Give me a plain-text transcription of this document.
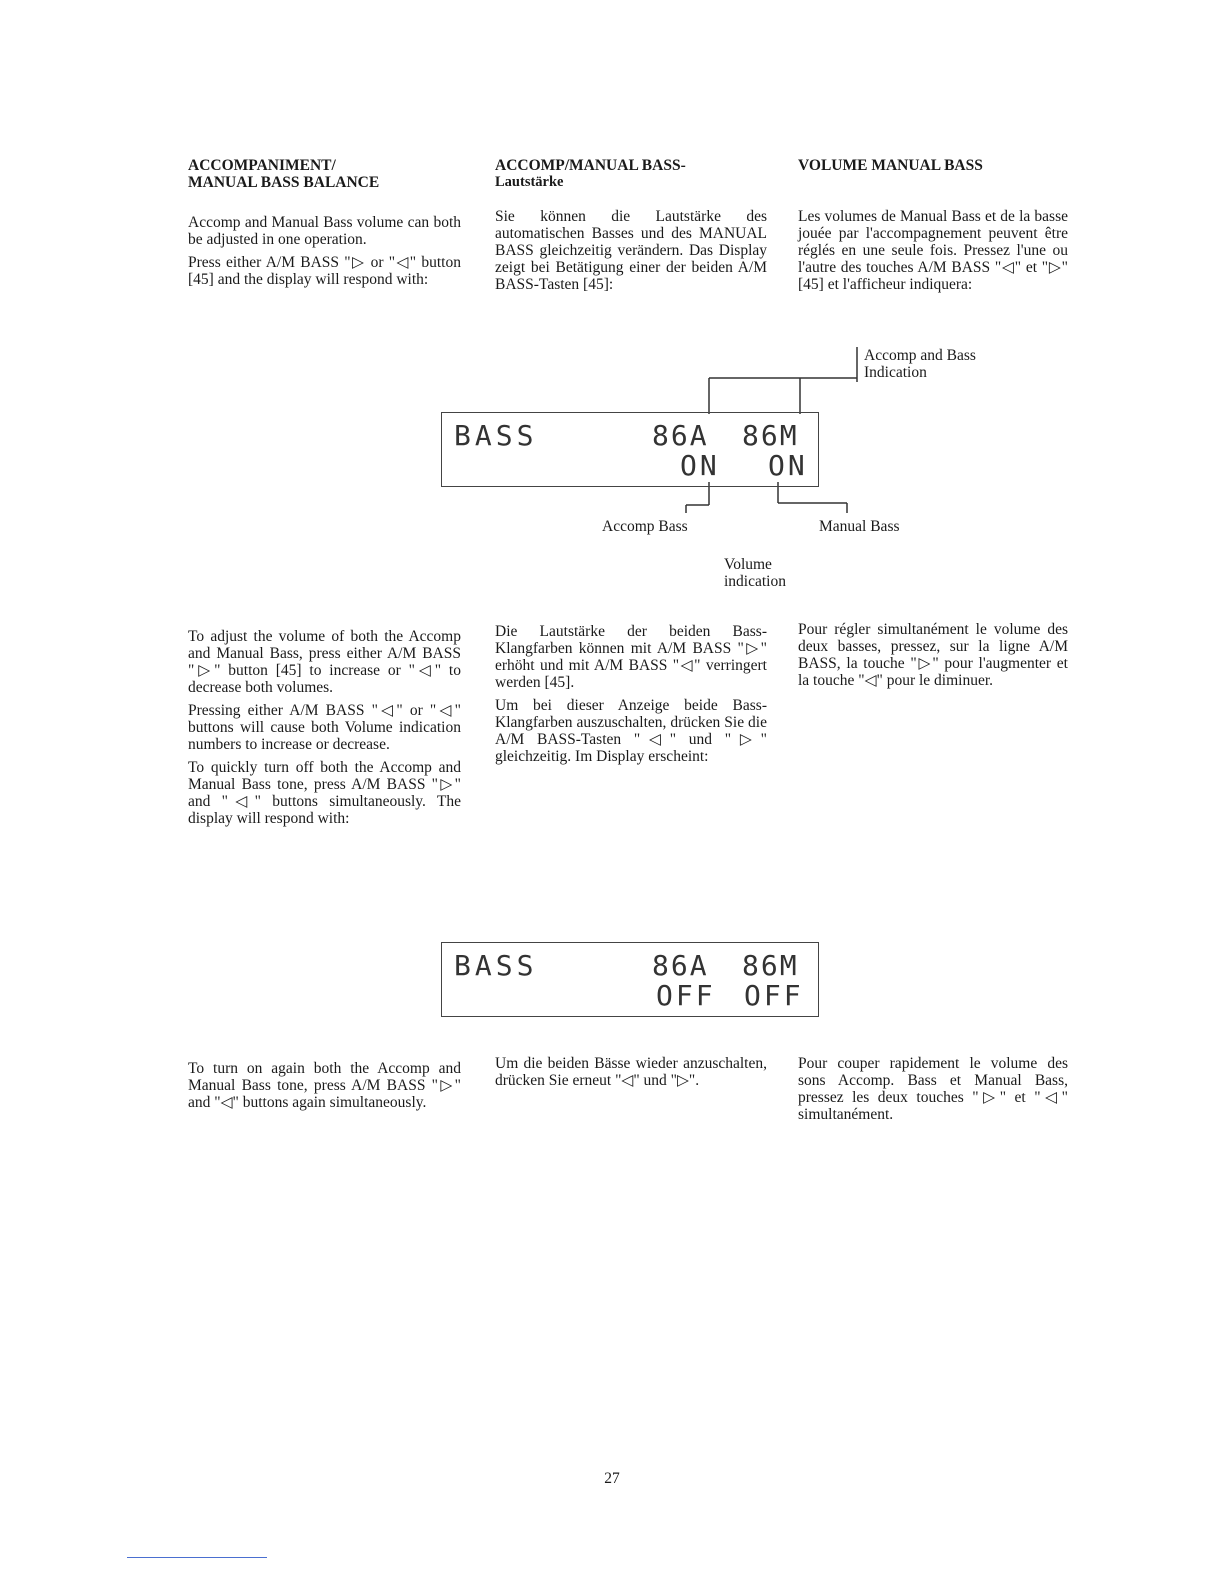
ACCOMPANIMENT/
MANUAL BASS BALANCE
ACCOMP/MANUAL BASS-
Lautstärke
VOLUME MANUAL BASS

Accomp and Manual Bass volume can both be adjusted in one operation.

Press either A/M BASS "▷ or "◁" button [45] and the display will respond with:

Sie können die Lautstärke des automatischen Basses und des MANUAL BASS gleichzeitig verändern. Das Display zeigt bei Betätigung einer der beiden A/M BASS-Tasten [45]:

Les volumes de Manual Bass et de la basse jouée par l'accompagnement peuvent être réglés en une seule fois. Pressez l'une ou l'autre des touches A/M BASS "◁" et "▷" [45] et l'afficheur indiquera:

BASS	86A 86M
ON ON
Accomp and Bass
Indication
Accomp Bass	Manual Bass
Volume
indication

To adjust the volume of both the Accomp and Manual Bass, press either A/M BASS "▷" button [45] to increase or "◁" to decrease both volumes.

Pressing either A/M BASS "◁" or "◁" buttons will cause both Volume indication numbers to increase or decrease.

To quickly turn off both the Accomp and Manual Bass tone, press A/M BASS "▷" and "◁" buttons simultaneously. The display will respond with:

Die Lautstärke der beiden Bass-Klangfarben können mit A/M BASS "▷" erhöht und mit A/M BASS "◁" verringert werden [45].

Um bei dieser Anzeige beide Bass-Klangfarben auszuschalten, drücken Sie die A/M BASS-Tasten "◁" und "▷" gleichzeitig. Im Display erscheint:

Pour régler simultanément le volume des deux basses, pressez, sur la ligne A/M BASS, la touche "▷" pour l'augmenter et la touche "◁" pour le diminuer.

BASS	86A 86M
OFF OFF

To turn on again both the Accomp and Manual Bass tone, press A/M BASS "▷" and "◁" buttons again simultaneously.

Um die beiden Bässe wieder anzuschalten, drücken Sie erneut "◁" und "▷".

Pour couper rapidement le volume des sons Accomp. Bass et Manual Bass, pressez les deux touches "▷" et "◁" simultanément.

27
